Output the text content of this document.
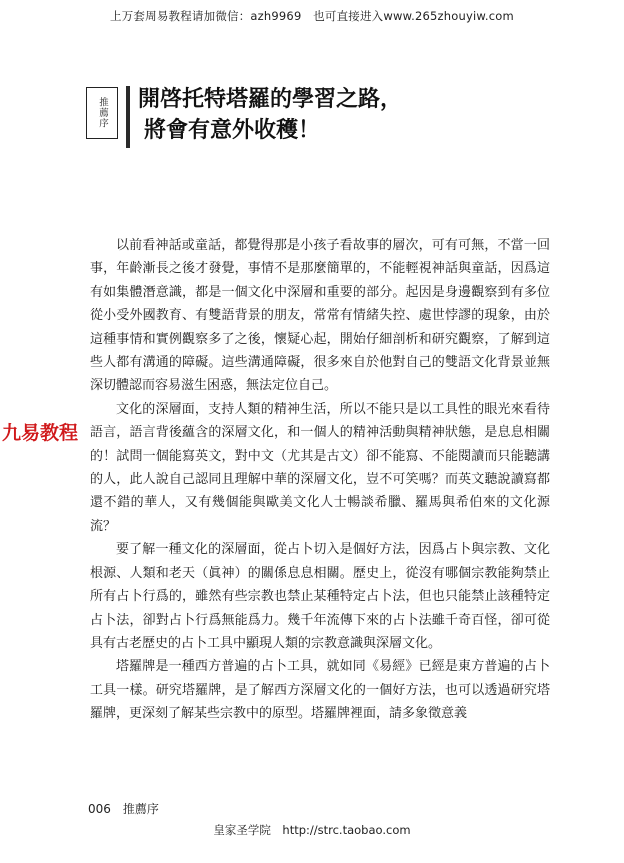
上万套周易教程请加微信：azh9969　也可直接进入www.265zhouyiw.com
推薦序	開啓托特塔羅的學習之路，
將會有意外收穫！

以前看神話或童話，都覺得那是小孩子看故事的層次，可有可無，不當一回事，年齡漸長之後才發覺，事情不是那麼簡單的，不能輕視神話與童話，因爲這有如集體潛意識，都是一個文化中深層和重要的部分。起因是身邊觀察到有多位從小受外國教育、有雙語背景的朋友，常常有情緒失控、處世悖謬的現象，由於這種事情和實例觀察多了之後，懷疑心起，開始仔細剖析和研究觀察，了解到這些人都有溝通的障礙。這些溝通障礙，很多來自於他對自己的雙語文化背景並無深切體認而容易滋生困惑，無法定位自己。

文化的深層面，支持人類的精神生活，所以不能只是以工具性的眼光來看待語言，語言背後蘊含的深層文化，和一個人的精神活動與精神狀態，是息息相關的！試問一個能寫英文，對中文（尤其是古文）卻不能寫、不能閱讀而只能聽講的人，此人說自己認同且理解中華的深層文化，豈不可笑嗎？而英文聽說讀寫都還不錯的華人，又有幾個能與歐美文化人士暢談希臘、羅馬與希伯來的文化源流？

要了解一種文化的深層面，從占卜切入是個好方法，因爲占卜與宗教、文化根源、人類和老天（眞神）的關係息息相關。歷史上，從沒有哪個宗教能夠禁止所有占卜行爲的，雖然有些宗教也禁止某種特定占卜法，但也只能禁止該種特定占卜法，卻對占卜行爲無能爲力。幾千年流傳下來的占卜法雖千奇百怪，卻可從具有古老歷史的占卜工具中顯現人類的宗教意識與深層文化。

塔羅牌是一種西方普遍的占卜工具，就如同《易經》已經是東方普遍的占卜工具一樣。研究塔羅牌，是了解西方深層文化的一個好方法，也可以透過研究塔羅牌，更深刻了解某些宗教中的原型。塔羅牌裡面，請多象徵意義

九易教程
006 推薦序
皇家圣学院　http://strc.taobao.com
